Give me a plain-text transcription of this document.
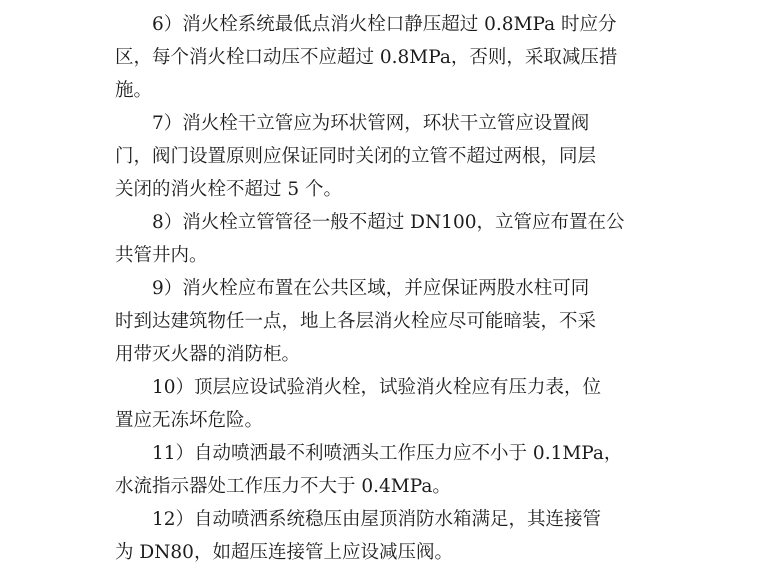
6）消火栓系统最低点消火栓口静压超过 0.8MPa 时应分
区，每个消火栓口动压不应超过 0.8MPa，否则，采取减压措
施。
7）消火栓干立管应为环状管网，环状干立管应设置阀
门，阀门设置原则应保证同时关闭的立管不超过两根，同层
关闭的消火栓不超过 5 个。
8）消火栓立管管径一般不超过 DN100，立管应布置在公
共管井内。
9）消火栓应布置在公共区域，并应保证两股水柱可同
时到达建筑物任一点，地上各层消火栓应尽可能暗装，不采
用带灭火器的消防柜。
10）顶层应设试验消火栓，试验消火栓应有压力表，位
置应无冻坏危险。
11）自动喷洒最不利喷洒头工作压力应不小于 0.1MPa，
水流指示器处工作压力不大于 0.4MPa。
12）自动喷洒系统稳压由屋顶消防水箱满足，其连接管
为 DN80，如超压连接管上应设减压阀。
